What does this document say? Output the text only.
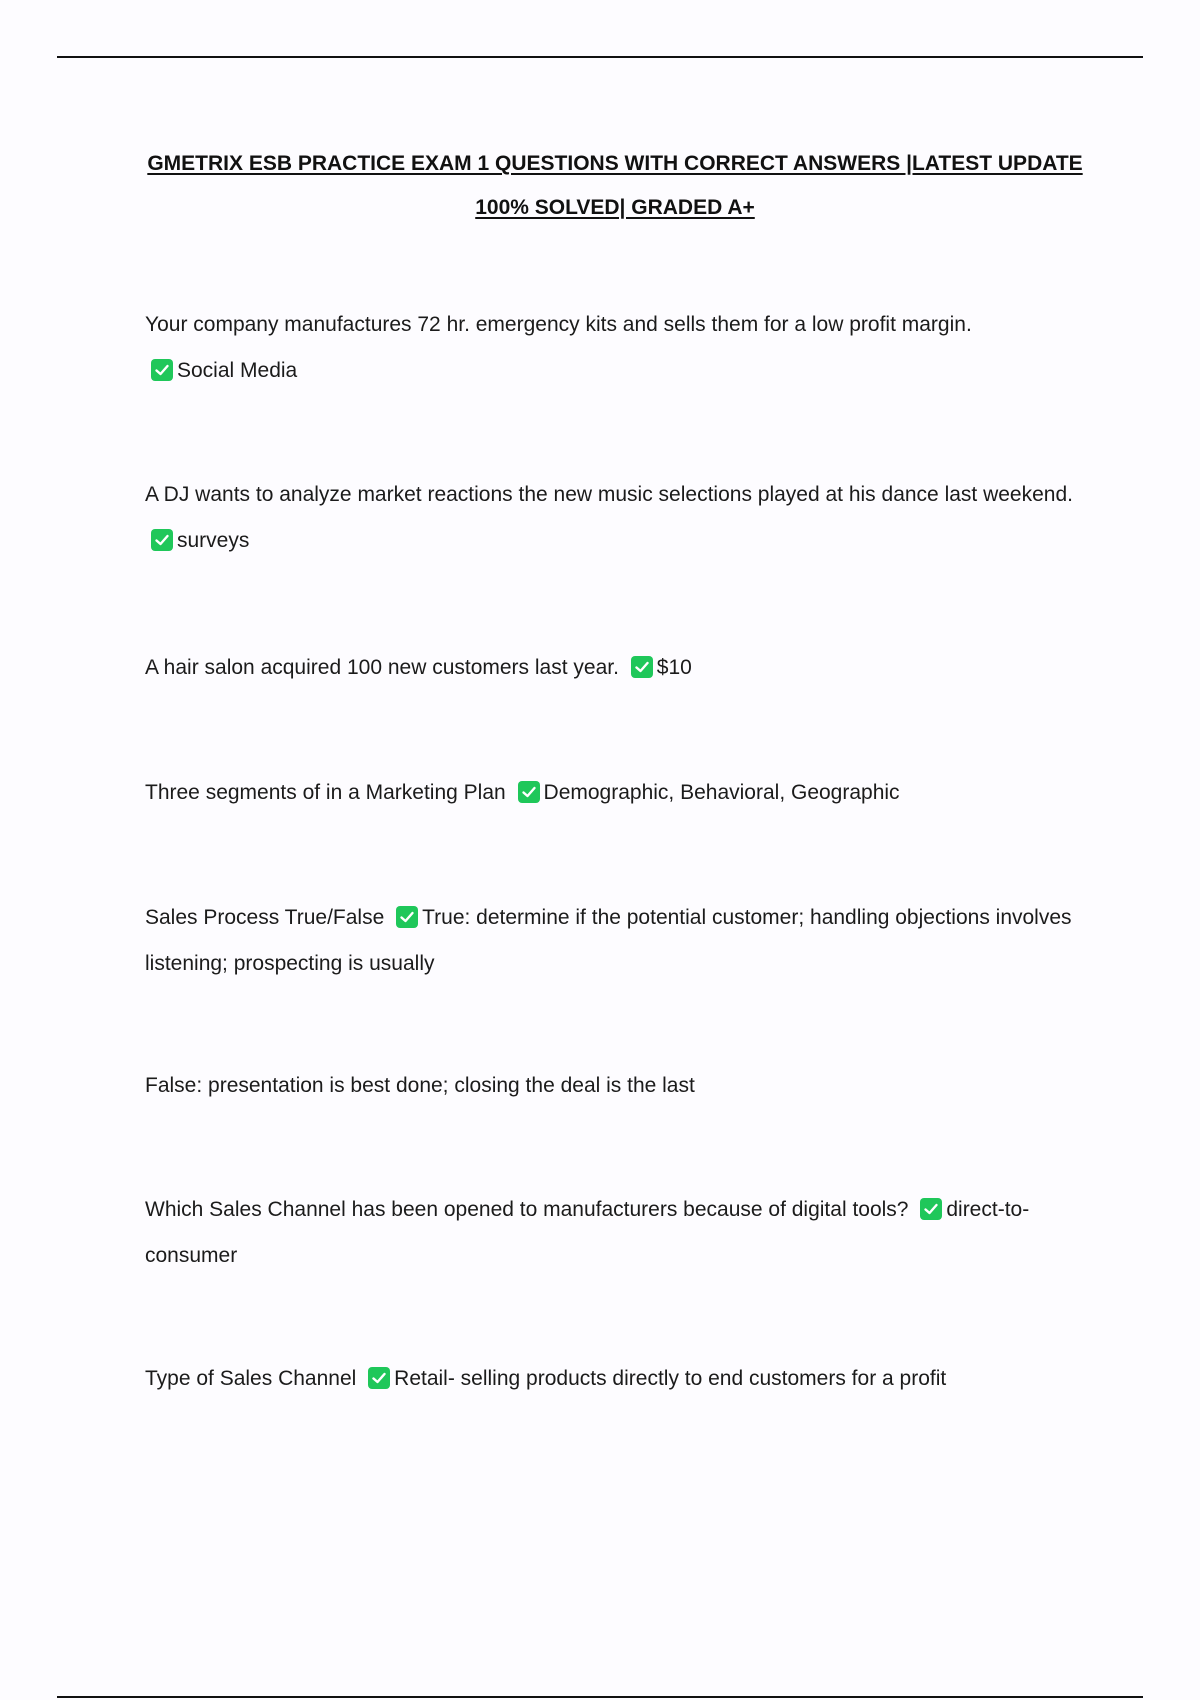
GMETRIX ESB PRACTICE EXAM 1 QUESTIONS WITH CORRECT ANSWERS |LATEST UPDATE
100% SOLVED| GRADED A+
Your company manufactures 72 hr. emergency kits and sells them for a low profit margin.

Social Media
A DJ wants to analyze market reactions the new music selections played at his dance last weekend.
surveys
A hair salon acquired 100 new customers last year. $10
Three segments of in a Marketing Plan Demographic, Behavioral, Geographic
Sales Process True/False True: determine if the potential customer; handling objections involves listening; prospecting is usually
False: presentation is best done; closing the deal is the last
Which Sales Channel has been opened to manufacturers because of digital tools? direct-to-consumer
Type of Sales Channel Retail- selling products directly to end customers for a profit
